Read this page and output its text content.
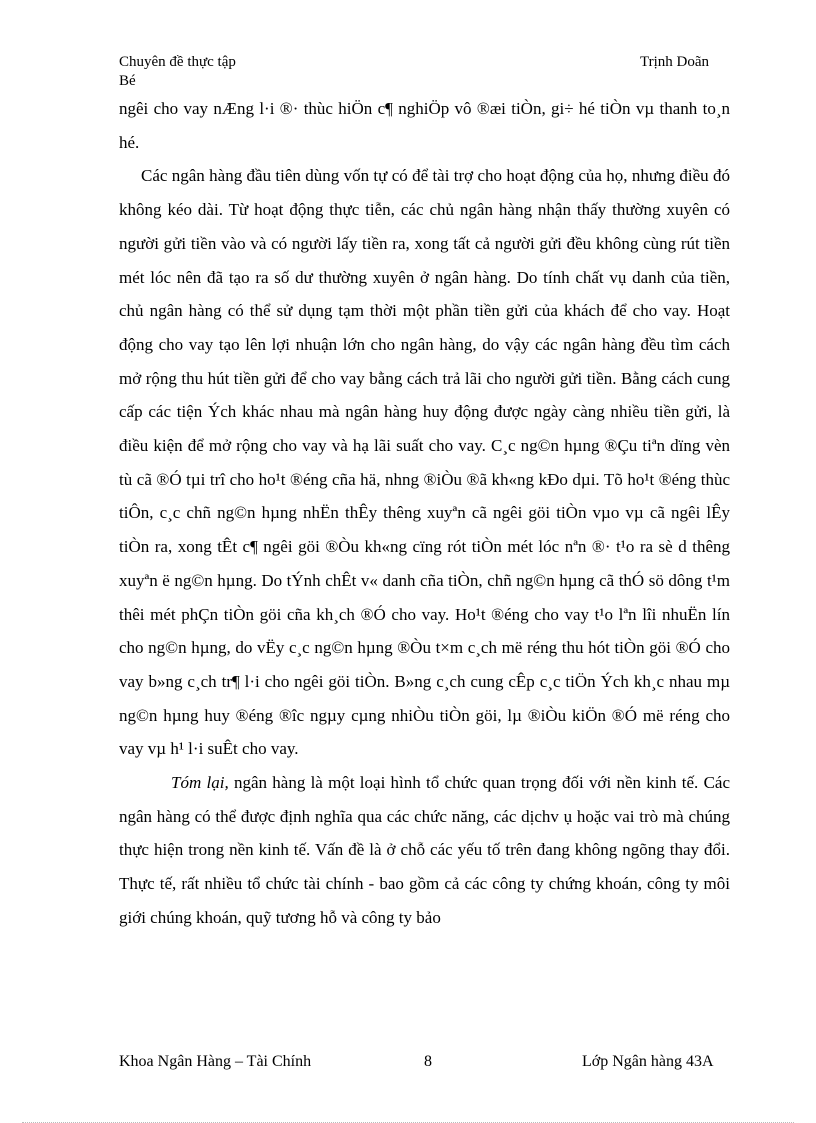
Chuyên đề thực tập
Bé
Trịnh Doãn

ngêi cho vay nÆng l·i ®· thùc hiÖn c¶ nghiÖp vô ®æi tiÒn, gi÷ hé tiÒn vµ thanh to¸n hé.

Các ngân hàng đầu tiên dùng vốn tự có để tài trợ cho hoạt động của họ, nhưng điều đó không kéo dài. Từ hoạt động thực tiễn, các chủ ngân hàng nhận thấy thường xuyên có người gửi tiền vào và có người lấy tiền ra, xong tất cả người gửi đều không cùng rút tiền mét lóc nên đã tạo ra số dư thường xuyên ở ngân hàng. Do tính chất vụ danh của tiền, chủ ngân hàng có thể sử dụng tạm thời một phần tiền gửi của khách để cho vay. Hoạt động cho vay tạo lên lợi nhuận lớn cho ngân hàng, do vậy các ngân hàng đều tìm cách mở rộng thu hút tiền gửi để cho vay bằng cách trả lãi cho người gửi tiền. Bằng cách cung cấp các tiện Ých khác nhau mà ngân hàng huy động được ngày càng nhiều tiền gửi, là điều kiện để mở rộng cho vay và hạ lãi suất cho vay. C¸c ng©n hµng ®Çu tiªn dïng vèn tù cã ®Ó tµi trî cho ho¹t ®éng cña hä, nhng ®iÒu ®ã kh«ng kÐo dµi. Tõ ho¹t ®éng thùc tiÔn, c¸c chñ ng©n hµng nhËn thÊy thêng xuyªn cã ngêi göi tiÒn vµo vµ cã ngêi lÊy tiÒn ra, xong tÊt c¶ ngêi göi ®Òu kh«ng cïng rót tiÒn mét lóc nªn ®· t¹o ra sè d thêng xuyªn ë ng©n hµng. Do tÝnh chÊt v« danh cña tiÒn, chñ ng©n hµng cã thÓ sö dông t¹m thêi mét phÇn tiÒn göi cña kh¸ch ®Ó cho vay. Ho¹t ®éng cho vay t¹o lªn lîi nhuËn lín cho ng©n hµng, do vËy c¸c ng©n hµng ®Òu t×m c¸ch më réng thu hót tiÒn göi ®Ó cho vay b»ng c¸ch tr¶ l·i cho ngêi göi tiÒn. B»ng c¸ch cung cÊp c¸c tiÖn Ých kh¸c nhau mµ ng©n hµng huy ®éng ®îc ngµy cµng nhiÒu tiÒn göi, lµ ®iÒu kiÖn ®Ó më réng cho vay vµ h¹ l·i suÊt cho vay.

Tóm lại, ngân hàng là một loại hình tổ chức quan trọng đối với nền kinh tế. Các ngân hàng có thể được định nghĩa qua các chức năng, các dịchv ụ hoặc vai trò mà chúng thực hiện trong nền kinh tế. Vấn đề là ở chỗ các yếu tố trên đang không ngõng thay đổi. Thực tế, rất nhiều tổ chức tài chính - bao gồm cả các công ty chứng khoán, công ty môi giới chúng khoán, quỹ tương hỗ và công ty bảo

Khoa Ngân Hàng – Tài Chính	8	Lớp Ngân hàng 43A
